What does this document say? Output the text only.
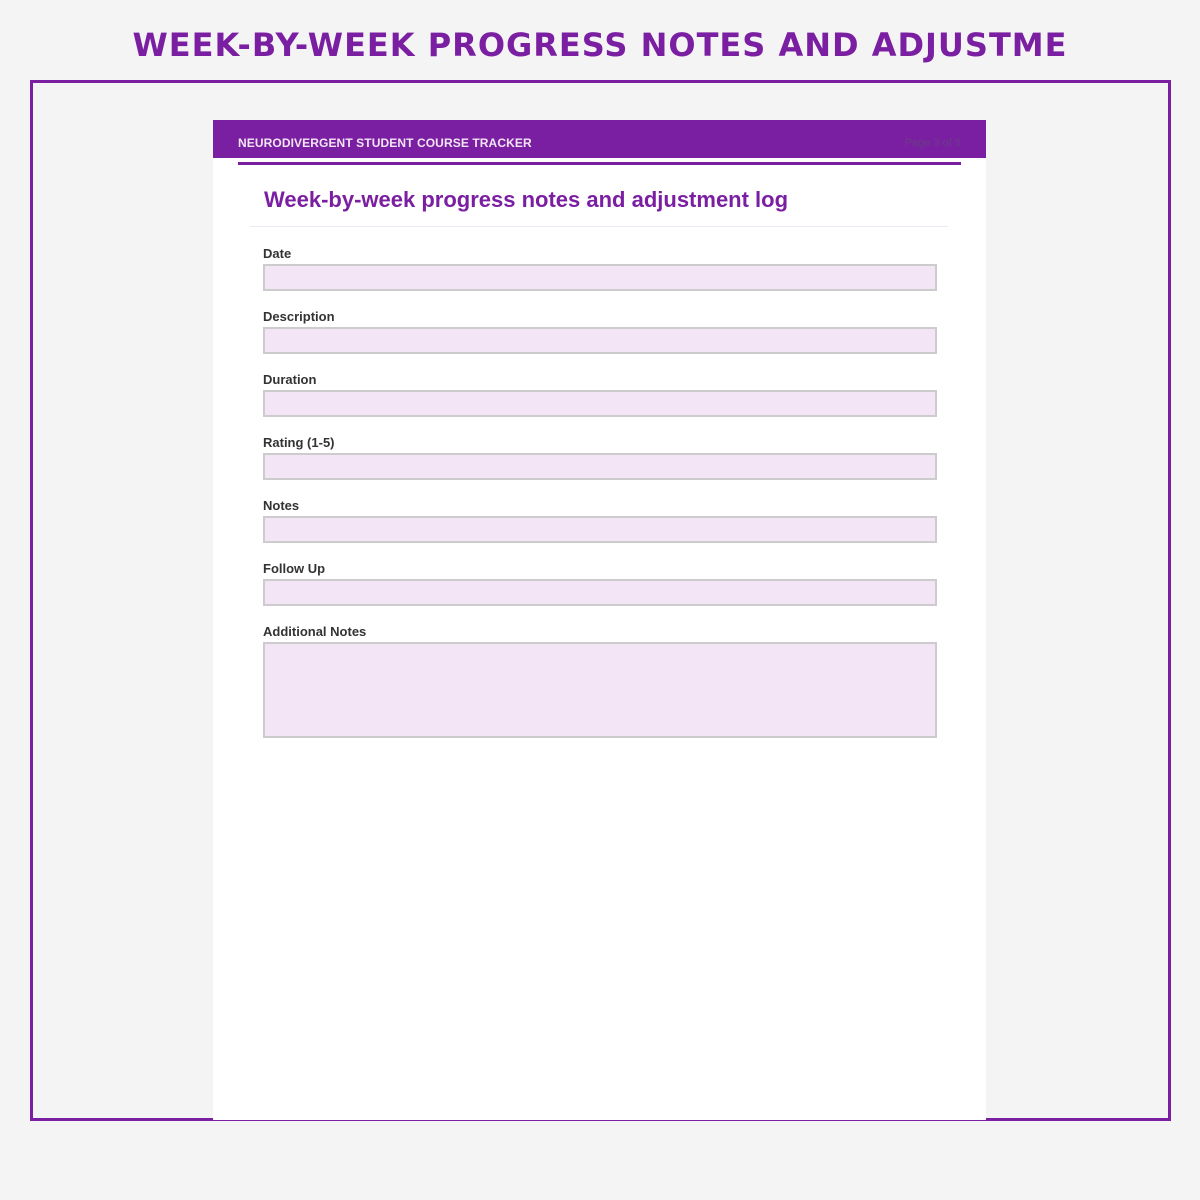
WEEK-BY-WEEK PROGRESS NOTES AND ADJUSTME
NEURODIVERGENT STUDENT COURSE TRACKER	Page 3 of 5
Week-by-week progress notes and adjustment log
Date
Description
Duration
Rating (1-5)
Notes
Follow Up
Additional Notes
